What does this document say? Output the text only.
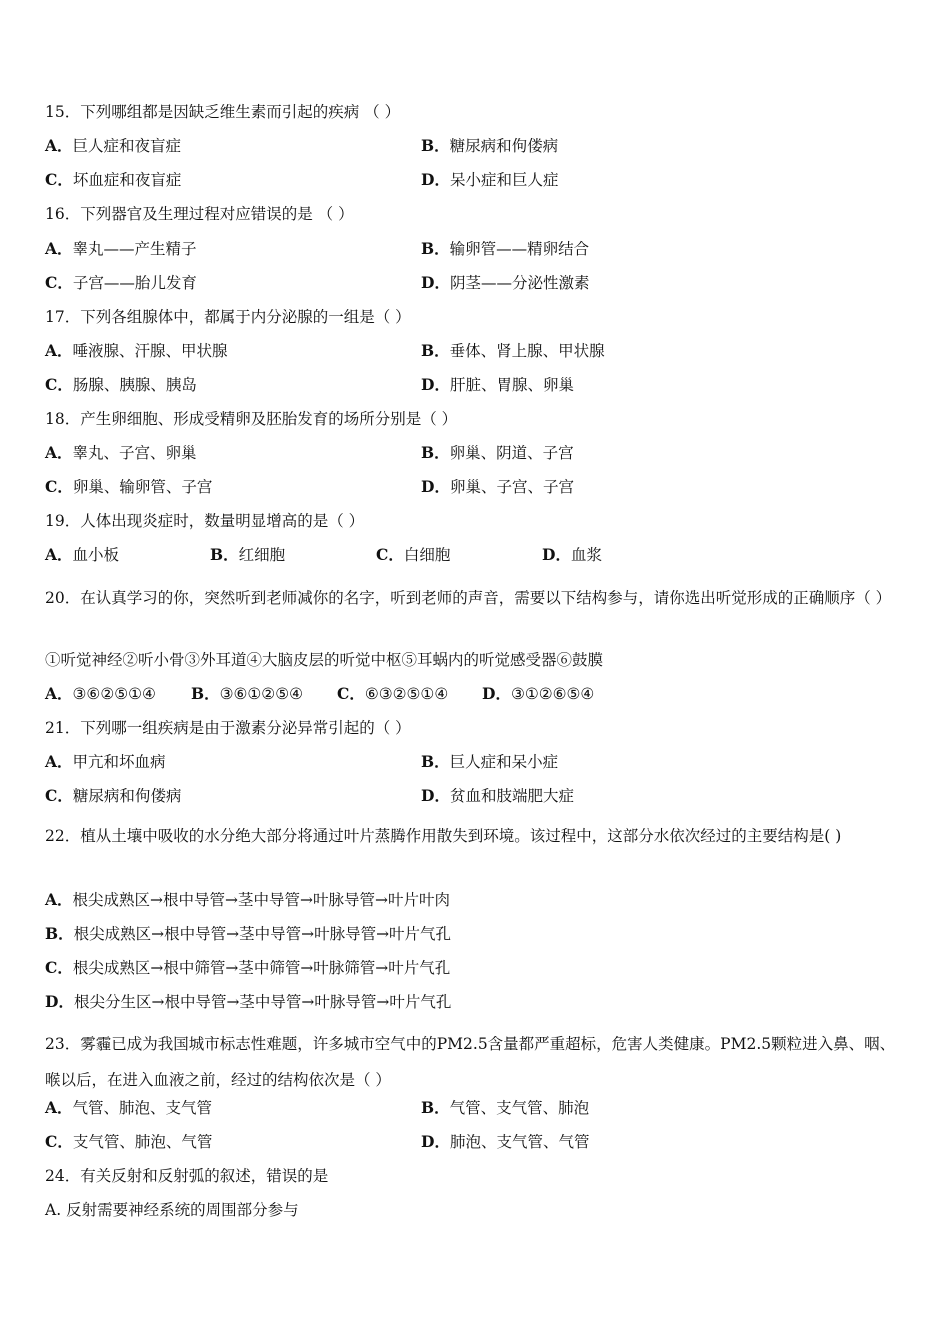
15．下列哪组都是因缺乏维生素而引起的疾病 （ ）
A．巨人症和夜盲症	B．糖尿病和佝偻病
C．坏血症和夜盲症	D．呆小症和巨人症
16．下列器官及生理过程对应错误的是 （ ）
A．睾丸——产生精子	B．输卵管——精卵结合
C．子宫——胎儿发育	D．阴茎——分泌性激素
17．下列各组腺体中，都属于内分泌腺的一组是（ ）
A．唾液腺、汗腺、甲状腺	B．垂体、肾上腺、甲状腺
C．肠腺、胰腺、胰岛	D．肝脏、胃腺、卵巢
18．产生卵细胞、形成受精卵及胚胎发育的场所分别是（ ）
A．睾丸、子宫、卵巢	B．卵巢、阴道、子宫
C．卵巢、输卵管、子宫	D．卵巢、子宫、子宫
19．人体出现炎症时，数量明显增高的是（ ）
A．血小板	B．红细胞	C．白细胞	D．血浆
20．在认真学习的你，突然听到老师减你的名字，听到老师的声音，需要以下结构参与，请你选出听觉形成的正确顺序（ ）
①听觉神经②听小骨③外耳道④大脑皮层的听觉中枢⑤耳蜗内的听觉感受器⑥鼓膜
A．③⑥②⑤①④ B．③⑥①②⑤④ C．⑥③②⑤①④ D．③①②⑥⑤④
21．下列哪一组疾病是由于激素分泌异常引起的（ ）
A．甲亢和坏血病	B．巨人症和呆小症
C．糖尿病和佝偻病	D．贫血和肢端肥大症
22．植从土壤中吸收的水分绝大部分将通过叶片蒸腾作用散失到环境。该过程中，这部分水依次经过的主要结构是( )
A．根尖成熟区→根中导管→茎中导管→叶脉导管→叶片叶肉
B．根尖成熟区→根中导管→茎中导管→叶脉导管→叶片气孔
C．根尖成熟区→根中筛管→茎中筛管→叶脉筛管→叶片气孔
D．根尖分生区→根中导管→茎中导管→叶脉导管→叶片气孔
23．雾霾已成为我国城市标志性难题，许多城市空气中的PM2.5含量都严重超标，危害人类健康。PM2.5颗粒进入鼻、咽、喉以后，在进入血液之前，经过的结构依次是（ ）
A．气管、肺泡、支气管	B．气管、支气管、肺泡
C．支气管、肺泡、气管	D．肺泡、支气管、气管
24．有关反射和反射弧的叙述，错误的是
A. 反射需要神经系统的周围部分参与
